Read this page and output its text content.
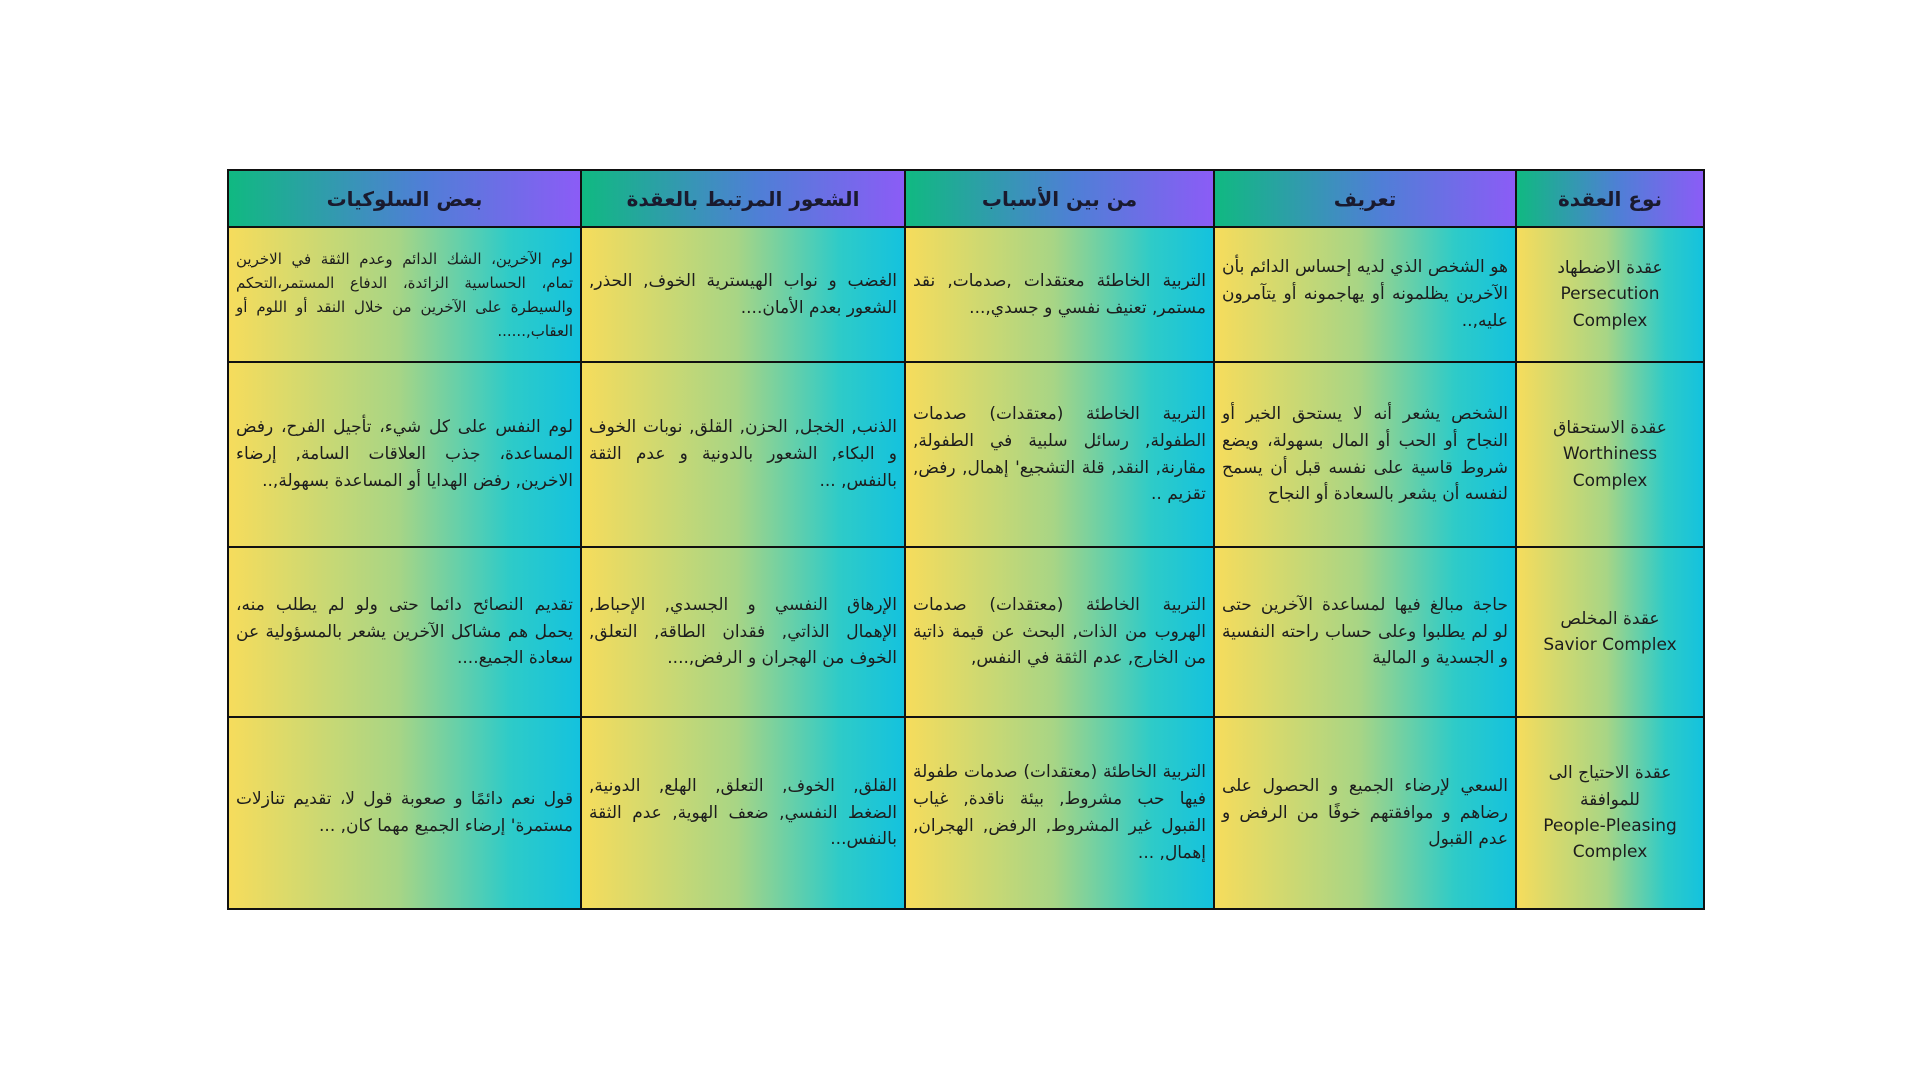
نوع العقدة	تعريف	من بين الأسباب	الشعور المرتبط بالعقدة	بعض السلوكيات

عقدة الاضطهاد
Persecution Complex	هو الشخص الذي لديه إحساس الدائم بأن الآخرين يظلمونه أو يهاجمونه أو يتآمرون عليه,..	التربية الخاطئة معتقدات ,صدمات, نقد مستمر, تعنيف نفسي و جسدي,...	الغضب و نواب الهيسترية الخوف, الحذر, الشعور بعدم الأمان....	لوم الآخرين، الشك الدائم وعدم الثقة في الاخرين تمام، الحساسية الزائدة، الدفاع المستمر،التحكم والسيطرة على الآخرين من خلال النقد أو اللوم أو العقاب,......

عقدة الاستحقاق
Worthiness Complex	الشخص يشعر أنه لا يستحق الخير أو النجاح أو الحب أو المال بسهولة، ويضع شروط قاسية على نفسه قبل أن يسمح لنفسه أن يشعر بالسعادة أو النجاح	التربية الخاطئة (معتقدات) صدمات الطفولة, رسائل سلبية في الطفولة, مقارنة, النقد, قلة التشجيع' إهمال, رفض, تقزيم ..	الذنب, الخجل, الحزن, القلق, نوبات الخوف و البكاء, الشعور بالدونية و عدم الثقة بالنفس, ...	لوم النفس على كل شيء، تأجيل الفرح، رفض المساعدة، جذب العلاقات السامة, إرضاء الاخرين, رفض الهدايا أو المساعدة بسهولة,..

عقدة المخلص
Savior Complex	حاجة مبالغ فيها لمساعدة الآخرين حتى لو لم يطلبوا وعلى حساب راحته النفسية و الجسدية و المالية	التربية الخاطئة (معتقدات) صدمات الهروب من الذات, البحث عن قيمة ذاتية من الخارج, عدم الثقة في النفس,	الإرهاق النفسي و الجسدي, الإحباط, الإهمال الذاتي, فقدان الطاقة, التعلق, الخوف من الهجران و الرفض,....	تقديم النصائح دائما حتى ولو لم يطلب منه، يحمل هم مشاكل الآخرين يشعر بالمسؤولية عن سعادة الجميع....

عقدة الاحتياج الى للموافقة
People-Pleasing Complex	السعي لإرضاء الجميع و الحصول على رضاهم و موافقتهم خوفًا من الرفض و عدم القبول	التربية الخاطئة (معتقدات) صدمات طفولة فيها حب مشروط, بيئة ناقدة, غياب القبول غير المشروط, الرفض, الهجران, إهمال, ...	القلق, الخوف, التعلق, الهلع, الدونية, الضغط النفسي, ضعف الهوية, عدم الثقة بالنفس...	قول نعم دائمًا و صعوبة قول لا، تقديم تنازلات مستمرة' إرضاء الجميع مهما كان, ...
